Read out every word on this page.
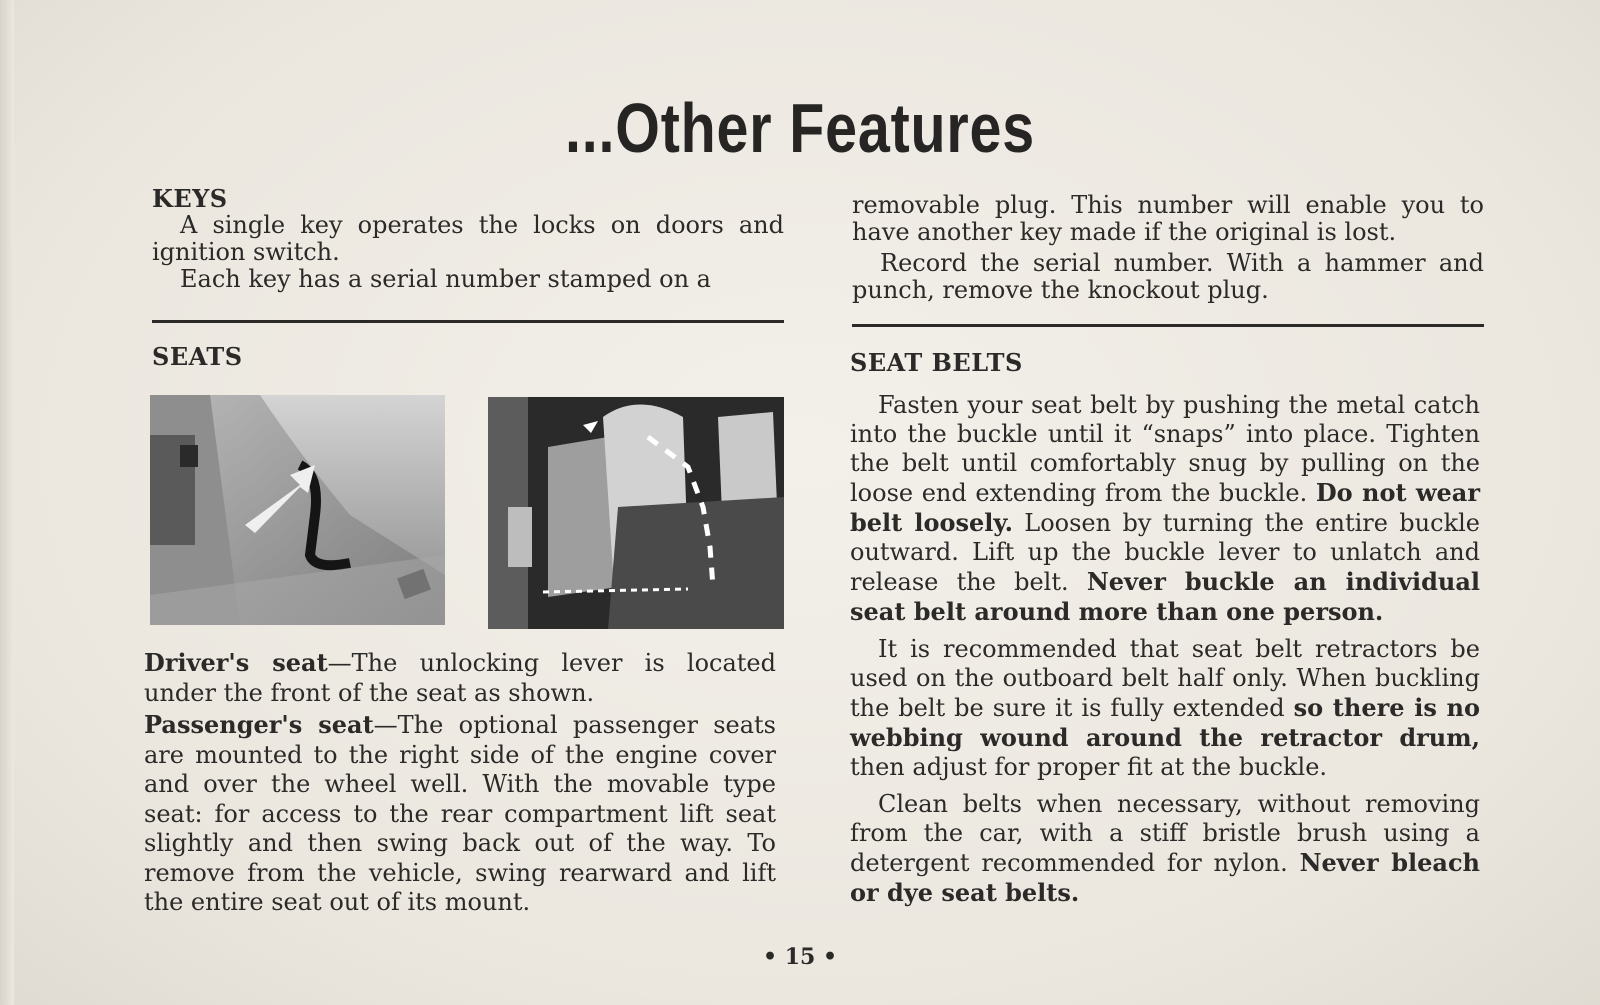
...Other Features

KEYS

A single key operates the locks on doors and ignition switch.

Each key has a serial number stamped on a

removable plug. This number will enable you to have another key made if the original is lost.

Record the serial number. With a hammer and punch, remove the knockout plug.

SEATS

Driver's seat—The unlocking lever is located under the front of the seat as shown.

Passenger's seat—The optional passenger seats are mounted to the right side of the engine cover and over the wheel well. With the movable type seat: for access to the rear compartment lift seat slightly and then swing back out of the way. To remove from the vehicle, swing rearward and lift the entire seat out of its mount.

SEAT BELTS

Fasten your seat belt by pushing the metal catch into the buckle until it “snaps” into place. Tighten the belt until comfortably snug by pulling on the loose end extending from the buckle. Do not wear belt loosely. Loosen by turning the entire buckle outward. Lift up the buckle lever to unlatch and release the belt. Never buckle an individual seat belt around more than one person.

It is recommended that seat belt retractors be used on the outboard belt half only. When buckling the belt be sure it is fully extended so there is no webbing wound around the retractor drum, then adjust for proper fit at the buckle.

Clean belts when necessary, without removing from the car, with a stiff bristle brush using a detergent recommended for nylon. Never bleach or dye seat belts.

• 15 •
